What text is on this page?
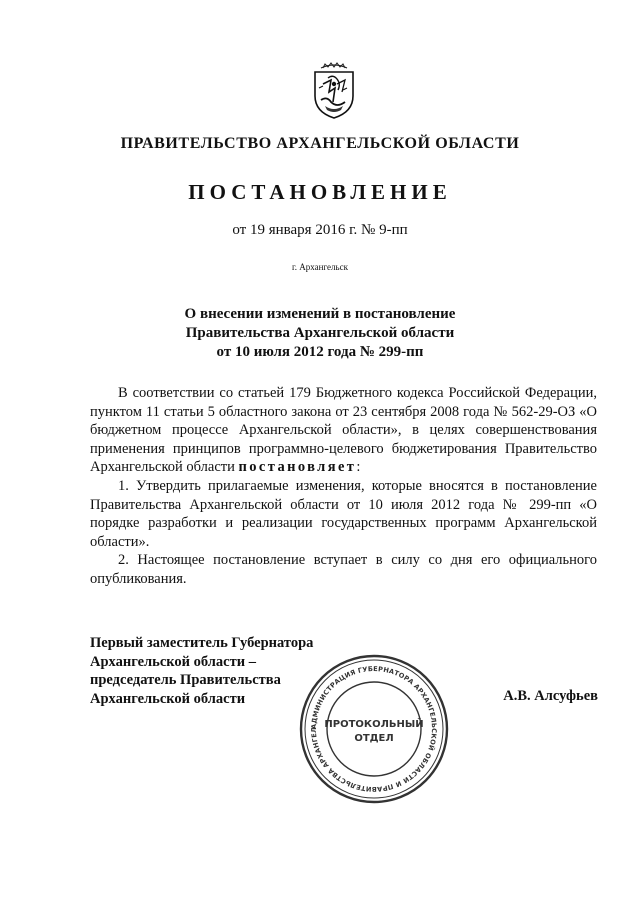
ПРАВИТЕЛЬСТВО АРХАНГЕЛЬСКОЙ ОБЛАСТИ
ПОСТАНОВЛЕНИЕ
от 19 января 2016 г. № 9-пп
г. Архангельск
О внесении изменений в постановление
Правительства Архангельской области
от 10 июля 2012 года № 299-пп

В соответствии со статьей 179 Бюджетного кодекса Российской Федерации, пунктом 11 статьи 5 областного закона от 23 сентября 2008 года № 562-29-ОЗ «О бюджетном процессе Архангельской области», в целях совершенствования применения принципов программно-целевого бюджетирования Правительство Архангельской области постановляет:

1. Утвердить прилагаемые изменения, которые вносятся в постановление Правительства Архангельской области от 10 июля 2012 года № 299-пп «О порядке разработки и реализации государственных программ Архангельской области».

2. Настоящее постановление вступает в силу со дня его официального опубликования.

Первый заместитель Губернатора
Архангельской области –
председатель Правительства
Архангельской области	А.В. Алсуфьев
АДМИНИСТРАЦИЯ ГУБЕРНАТОРА АРХАНГЕЛЬСКОЙ ОБЛАСТИ И ПРАВИТЕЛЬСТВА АРХАНГЕЛ
ПРОТОКОЛЬНЫЙ
ОТДЕЛ
